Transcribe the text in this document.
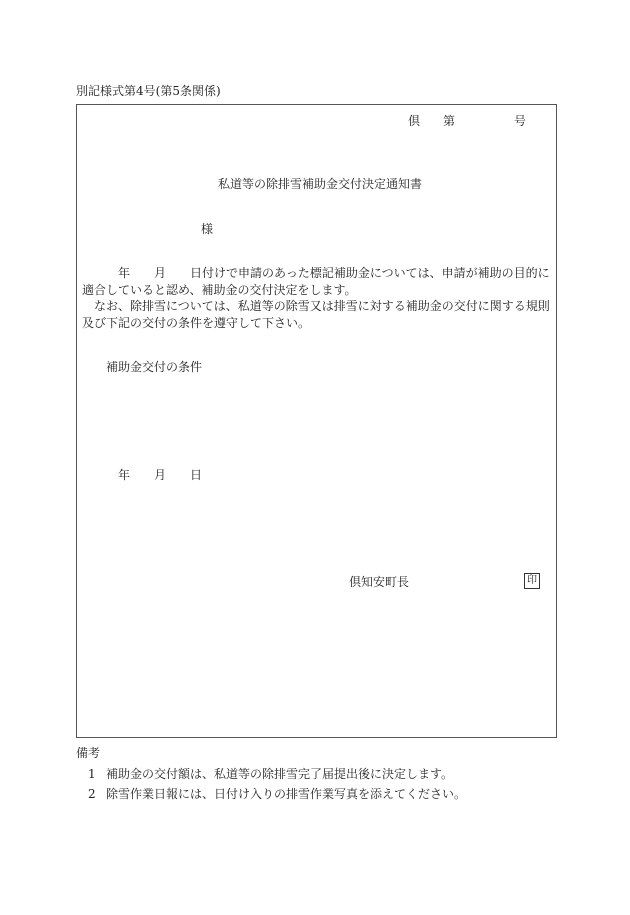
別記様式第4号(第5条関係)
倶 第	号
私道等の除排雪補助金交付決定通知書
様
年　　月　　日付けで申請のあった標記補助金については、申請が補助の目的に
適合していると認め、補助金の交付決定をします。
なお、除排雪については、私道等の除雪又は排雪に対する補助金の交付に関する規則
及び下記の交付の条件を遵守して下さい。
補助金交付の条件
年　　月　　日
倶知安町長	印
備考
1 補助金の交付額は、私道等の除排雪完了届提出後に決定します。
2 除雪作業日報には、日付け入りの排雪作業写真を添えてください。
